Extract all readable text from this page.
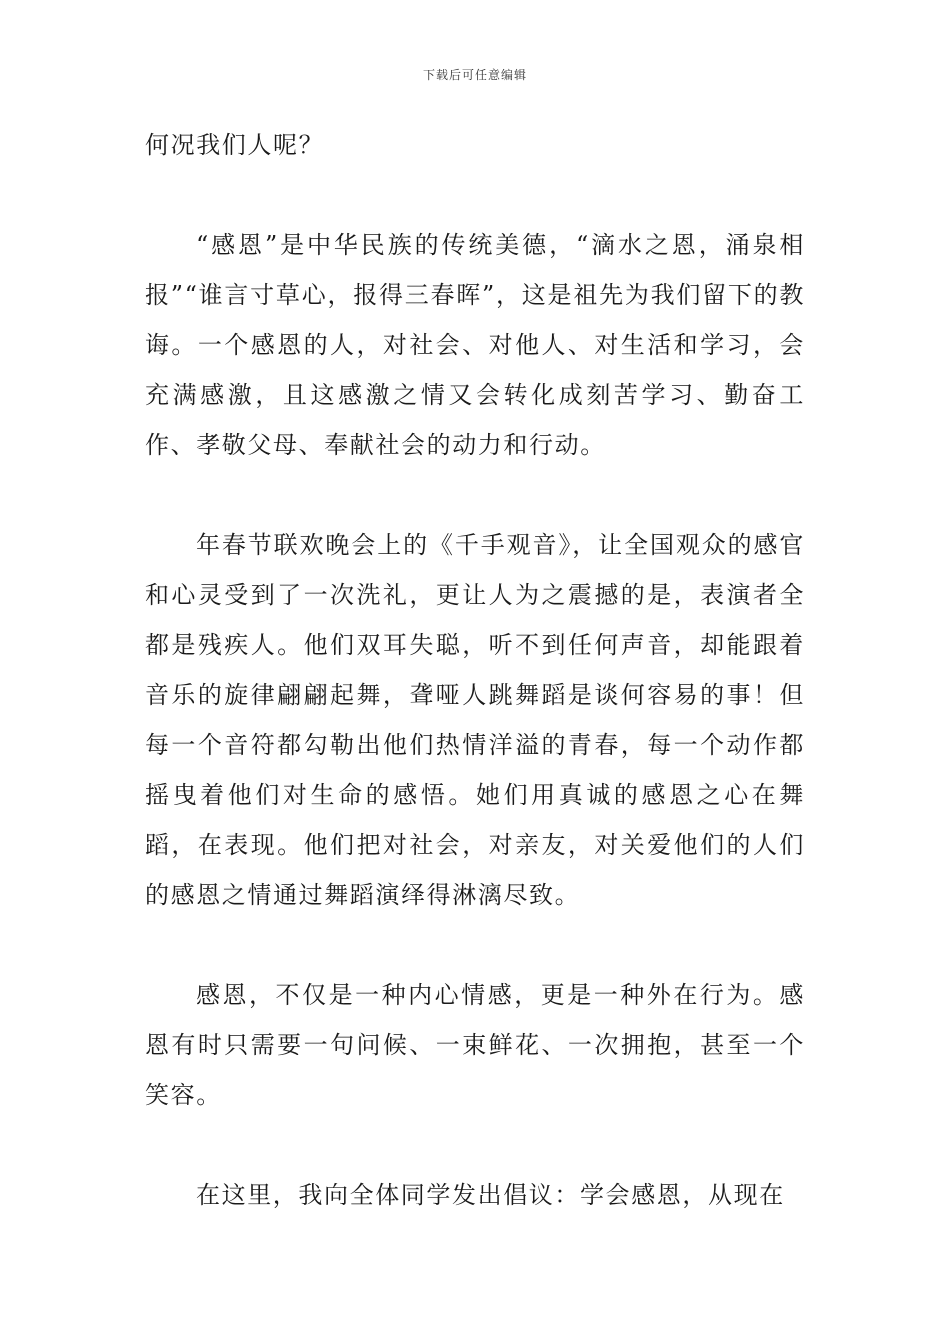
下载后可任意编辑

何况我们人呢？

“感恩”是中华民族的传统美德，“滴水之恩，涌泉相报”“谁言寸草心，报得三春晖”，这是祖先为我们留下的教诲。一个感恩的人，对社会、对他人、对生活和学习，会充满感激，且这感激之情又会转化成刻苦学习、勤奋工作、孝敬父母、奉献社会的动力和行动。

年春节联欢晚会上的《千手观音》，让全国观众的感官和心灵受到了一次洗礼，更让人为之震撼的是，表演者全都是残疾人。他们双耳失聪，听不到任何声音，却能跟着音乐的旋律翩翩起舞，聋哑人跳舞蹈是谈何容易的事！但每一个音符都勾勒出他们热情洋溢的青春，每一个动作都摇曳着他们对生命的感悟。她们用真诚的感恩之心在舞蹈，在表现。他们把对社会，对亲友，对关爱他们的人们的感恩之情通过舞蹈演绎得淋漓尽致。

感恩，不仅是一种内心情感，更是一种外在行为。感恩有时只需要一句问候、一束鲜花、一次拥抱，甚至一个笑容。

在这里，我向全体同学发出倡议：学会感恩，从现在
